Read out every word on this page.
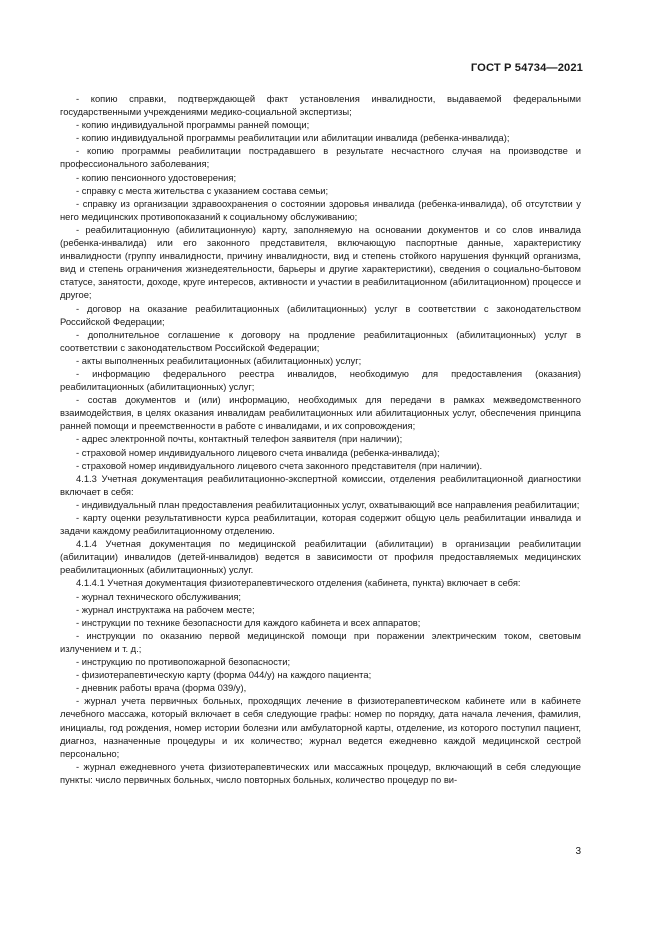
ГОСТ Р 54734—2021

- копию справки, подтверждающей факт установления инвалидности, выдаваемой федеральными государственными учреждениями медико-социальной экспертизы;

- копию индивидуальной программы ранней помощи;

- копию индивидуальной программы реабилитации или абилитации инвалида (ребенка-инвалида);

- копию программы реабилитации пострадавшего в результате несчастного случая на производстве и профессионального заболевания;

- копию пенсионного удостоверения;

- справку с места жительства с указанием состава семьи;

- справку из организации здравоохранения о состоянии здоровья инвалида (ребенка-инвалида), об отсутствии у него медицинских противопоказаний к социальному обслуживанию;

- реабилитационную (абилитационную) карту, заполняемую на основании документов и со слов инвалида (ребенка-инвалида) или его законного представителя, включающую паспортные данные, характеристику инвалидности (группу инвалидности, причину инвалидности, вид и степень стойкого нарушения функций организма, вид и степень ограничения жизнедеятельности, барьеры и другие характеристики), сведения о социально-бытовом статусе, занятости, доходе, круге интересов, активности и участии в реабилитационном (абилитационном) процессе и другое;

- договор на оказание реабилитационных (абилитационных) услуг в соответствии с законодательством Российской Федерации;

- дополнительное соглашение к договору на продление реабилитационных (абилитационных) услуг в соответствии с законодательством Российской Федерации;

- акты выполненных реабилитационных (абилитационных) услуг;

- информацию федерального реестра инвалидов, необходимую для предоставления (оказания) реабилитационных (абилитационных) услуг;

- состав документов и (или) информацию, необходимых для передачи в рамках межведомственного взаимодействия, в целях оказания инвалидам реабилитационных или абилитационных услуг, обеспечения принципа ранней помощи и преемственности в работе с инвалидами, и их сопровождения;

- адрес электронной почты, контактный телефон заявителя (при наличии);

- страховой номер индивидуального лицевого счета инвалида (ребенка-инвалида);

- страховой номер индивидуального лицевого счета законного представителя (при наличии).

4.1.3 Учетная документация реабилитационно-экспертной комиссии, отделения реабилитационной диагностики включает в себя:

- индивидуальный план предоставления реабилитационных услуг, охватывающий все направления реабилитации;

- карту оценки результативности курса реабилитации, которая содержит общую цель реабилитации инвалида и задачи каждому реабилитационному отделению.

4.1.4 Учетная документация по медицинской реабилитации (абилитации) в организации реабилитации (абилитации) инвалидов (детей-инвалидов) ведется в зависимости от профиля предоставляемых медицинских реабилитационных (абилитационных) услуг.

4.1.4.1 Учетная документация физиотерапевтического отделения (кабинета, пункта) включает в себя:

- журнал технического обслуживания;

- журнал инструктажа на рабочем месте;

- инструкции по технике безопасности для каждого кабинета и всех аппаратов;

- инструкции по оказанию первой медицинской помощи при поражении электрическим током, световым излучением и т. д.;

- инструкцию по противопожарной безопасности;

- физиотерапевтическую карту (форма 044/у) на каждого пациента;

- дневник работы врача (форма 039/у),

- журнал учета первичных больных, проходящих лечение в физиотерапевтическом кабинете или в кабинете лечебного массажа, который включает в себя следующие графы: номер по порядку, дата начала лечения, фамилия, инициалы, год рождения, номер истории болезни или амбулаторной карты, отделение, из которого поступил пациент, диагноз, назначенные процедуры и их количество; журнал ведется ежедневно каждой медицинской сестрой персонально;

- журнал ежедневного учета физиотерапевтических или массажных процедур, включающий в себя следующие пункты: число первичных больных, число повторных больных, количество процедур по ви-

3
